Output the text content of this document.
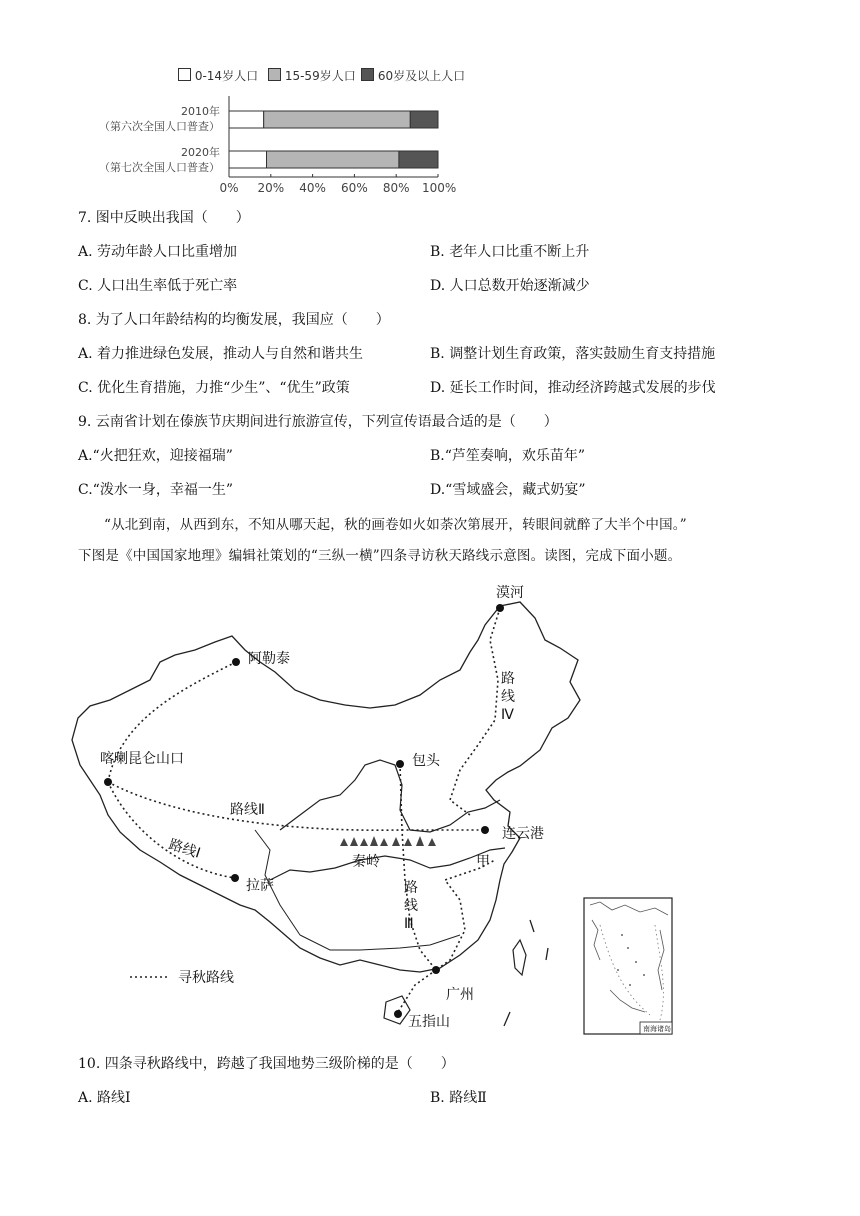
0-14岁人口	15-59岁人口	60岁及以上人口
2010年
（第六次全国人口普查）
2020年
（第七次全国人口普查）
0%	20% 40% 60% 80% 100%
7. 图中反映出我国（　　）
A. 劳动年龄人口比重增加	B. 老年人口比重不断上升
C. 人口出生率低于死亡率	D. 人口总数开始逐渐减少
8. 为了人口年龄结构的均衡发展，我国应（　　）
A. 着力推进绿色发展，推动人与自然和谐共生	B. 调整计划生育政策，落实鼓励生育支持措施
C. 优化生育措施，力推“少生”、“优生”政策	D. 延长工作时间，推动经济跨越式发展的步伐
9. 云南省计划在傣族节庆期间进行旅游宣传，下列宣传语最合适的是（　　）
A.“火把狂欢，迎接福瑞”	B.“芦笙奏响，欢乐苗年”
C.“泼水一身，幸福一生”	D.“雪域盛会，藏式奶宴”
“从北到南，从西到东，不知从哪天起，秋的画卷如火如荼次第展开，转眼间就醉了大半个中国。”
下图是《中国国家地理》编辑社策划的“三纵一横”四条寻访秋天路线示意图。读图，完成下面小题。
漠河
阿勒泰
喀喇昆仑山口	包头
连云港
拉萨
广州
五指山
秦岭	甲
路线Ⅰ
路线Ⅱ
路
线
Ⅲ
路
线
Ⅳ
寻秋路线
南海诸岛
10. 四条寻秋路线中，跨越了我国地势三级阶梯的是（　　）
A. 路线Ⅰ	B. 路线Ⅱ
